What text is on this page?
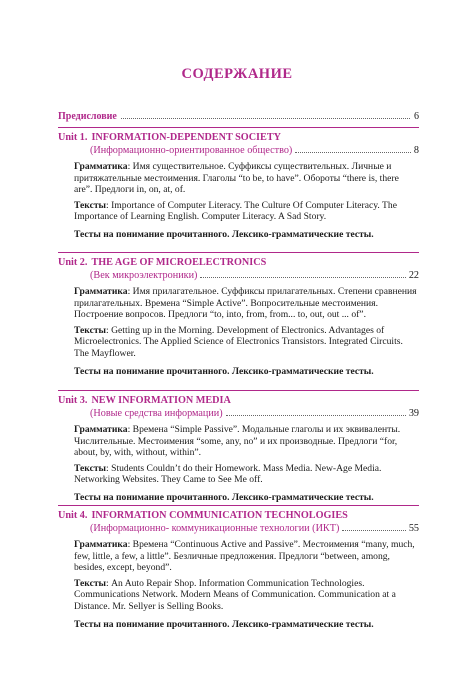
СОДЕРЖАНИЕ
Предисловие	6
Unit 1. INFORMATION-DEPENDENT SOCIETY
(Информационно-ориентированное общество)	8
Грамматика: Имя существительное. Суффиксы существительных. Личные и притяжательные местоимения. Глаголы “to be, to have”. Обороты “there is, there are”. Предлоги in, on, at, of.
Тексты: Importance of Computer Literacy. The Culture Of Computer Literacy. The Importance of Learning English. Computer Literacy. A Sad Story.
Тесты на понимание прочитанного. Лексико-грамматические тесты.
Unit 2. THE AGE OF MICROELECTRONICS
(Век микроэлектроники)	22
Грамматика: Имя прилагательное. Суффиксы прилагательных. Степени сравнения прилагательных. Времена “Simple Active”. Вопросительные местоимения. Построение вопросов. Предлоги “to, into, from, from... to, out, out ... of”.
Тексты: Getting up in the Morning. Development of Electronics. Advantages of Microelectronics. The Applied Science of Electronics Transistors. Integrated Circuits. The Mayflower.
Тесты на понимание прочитанного. Лексико-грамматические тесты.
Unit 3. NEW INFORMATION MEDIA
(Новые средства информации)	39
Грамматика: Времена “Simple Passive”. Модальные глаголы и их эквиваленты. Числительные. Местоимения “some, any, no” и их производные. Предлоги “for, about, by, with, without, within”.
Тексты: Students Couldn’t do their Homework. Mass Media. New-Age Media. Networking Websites. They Came to See Me off.
Тесты на понимание прочитанного. Лексико-грамматические тесты.
Unit 4. INFORMATION COMMUNICATION TECHNOLOGIES
(Информационно- коммуникационные технологии (ИКТ)	55
Грамматика: Времена “Continuous Active and Passive”. Местоимения “many, much, few, little, a few, a little”. Безличные предложения. Предлоги “between, among, besides, except, beyond”.
Тексты: An Auto Repair Shop. Information Communication Technologies. Communications Network. Modern Means of Communication. Communication at a Distance. Mr. Sellyer is Selling Books.
Тесты на понимание прочитанного. Лексико-грамматические тесты.
